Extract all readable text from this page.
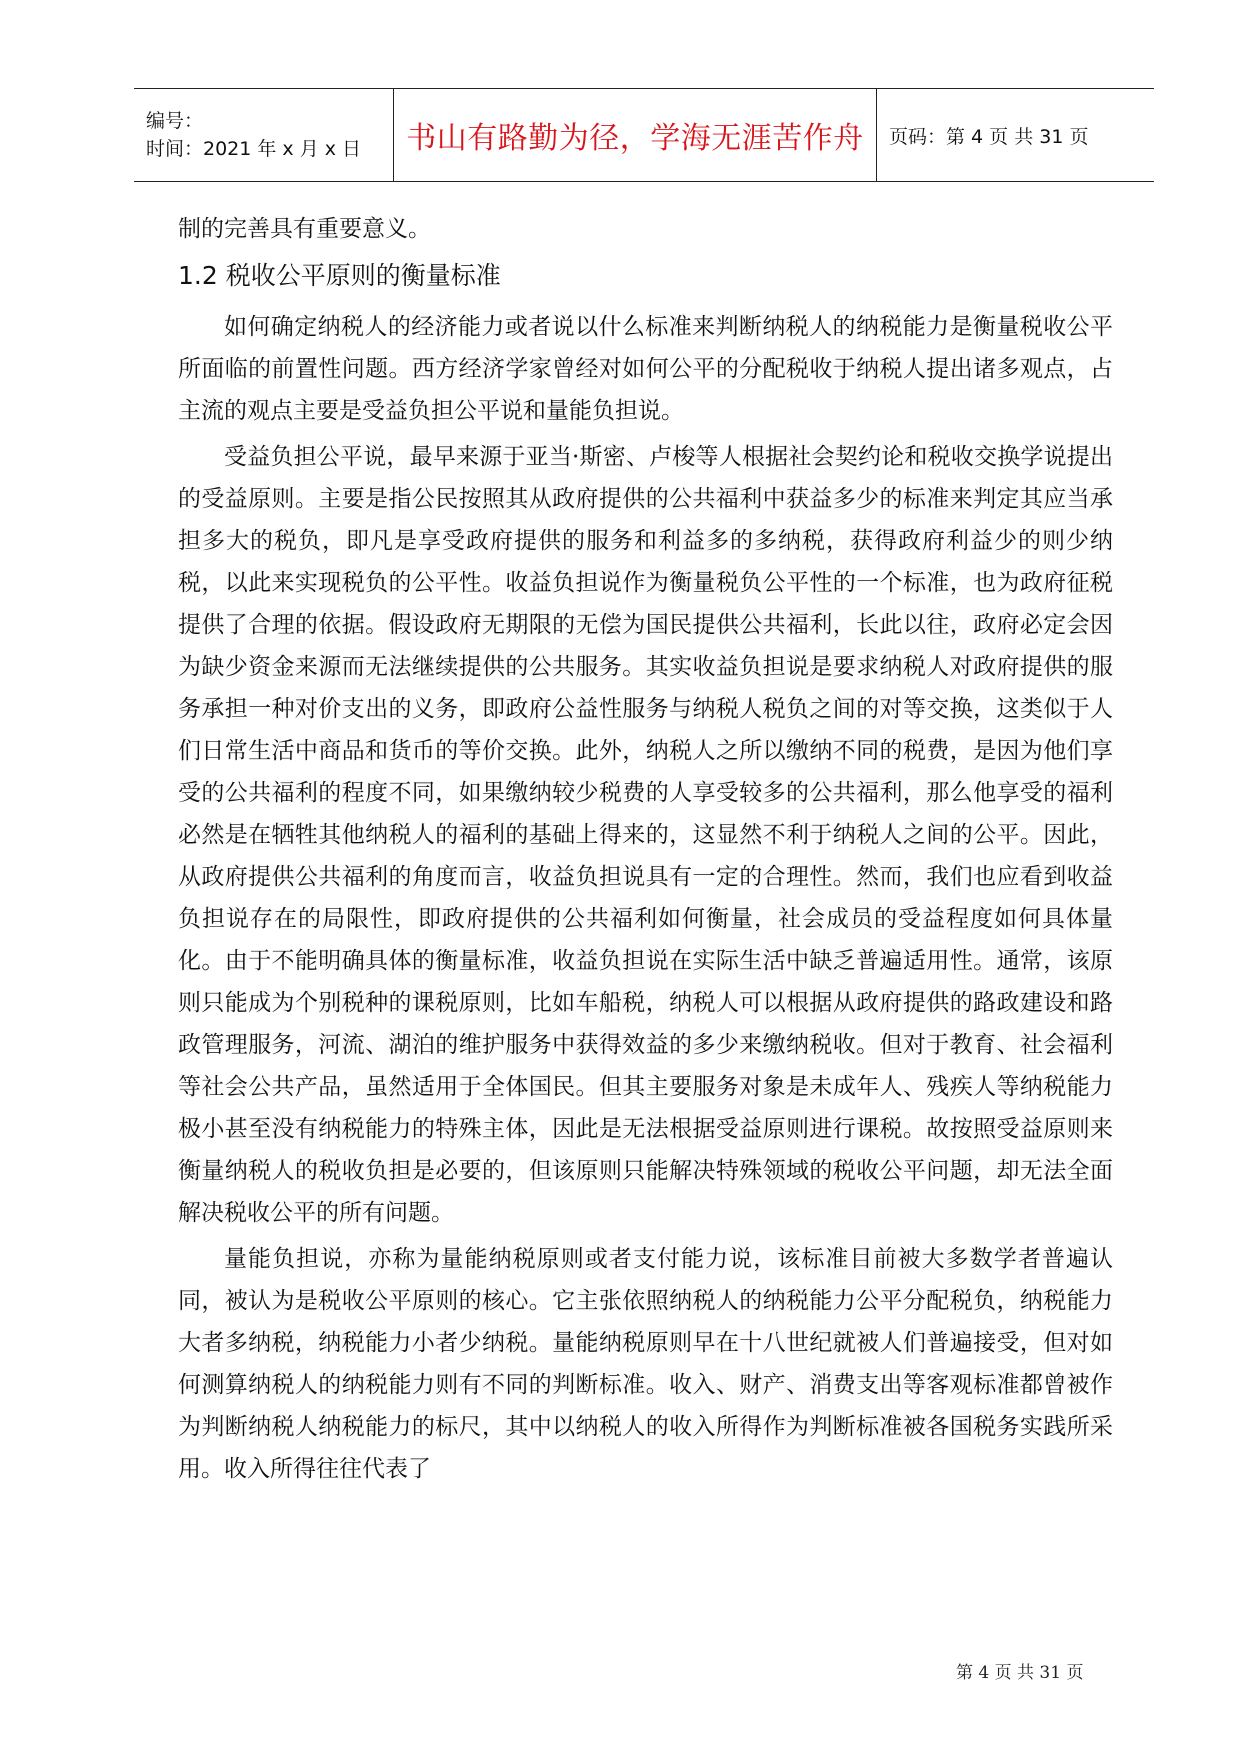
编号：
时间：2021 年 x 月 x 日	书山有路勤为径，学海无涯苦作舟 页码：第 4 页 共 31 页

制的完善具有重要意义。

1.2 税收公平原则的衡量标准

如何确定纳税人的经济能力或者说以什么标准来判断纳税人的纳税能力是衡量税收公平所面临的前置性问题。西方经济学家曾经对如何公平的分配税收于纳税人提出诸多观点，占主流的观点主要是受益负担公平说和量能负担说。

受益负担公平说，最早来源于亚当·斯密、卢梭等人根据社会契约论和税收交换学说提出的受益原则。主要是指公民按照其从政府提供的公共福利中获益多少的标准来判定其应当承担多大的税负，即凡是享受政府提供的服务和利益多的多纳税，获得政府利益少的则少纳税，以此来实现税负的公平性。收益负担说作为衡量税负公平性的一个标准，也为政府征税提供了合理的依据。假设政府无期限的无偿为国民提供公共福利，长此以往，政府必定会因为缺少资金来源而无法继续提供的公共服务。其实收益负担说是要求纳税人对政府提供的服务承担一种对价支出的义务，即政府公益性服务与纳税人税负之间的对等交换，这类似于人们日常生活中商品和货币的等价交换。此外，纳税人之所以缴纳不同的税费，是因为他们享受的公共福利的程度不同，如果缴纳较少税费的人享受较多的公共福利，那么他享受的福利必然是在牺牲其他纳税人的福利的基础上得来的，这显然不利于纳税人之间的公平。因此，从政府提供公共福利的角度而言，收益负担说具有一定的合理性。然而，我们也应看到收益负担说存在的局限性，即政府提供的公共福利如何衡量，社会成员的受益程度如何具体量化。由于不能明确具体的衡量标准，收益负担说在实际生活中缺乏普遍适用性。通常，该原则只能成为个别税种的课税原则，比如车船税，纳税人可以根据从政府提供的路政建设和路政管理服务，河流、湖泊的维护服务中获得效益的多少来缴纳税收。但对于教育、社会福利等社会公共产品，虽然适用于全体国民。但其主要服务对象是未成年人、残疾人等纳税能力极小甚至没有纳税能力的特殊主体，因此是无法根据受益原则进行课税。故按照受益原则来衡量纳税人的税收负担是必要的，但该原则只能解决特殊领域的税收公平问题，却无法全面解决税收公平的所有问题。

量能负担说，亦称为量能纳税原则或者支付能力说，该标准目前被大多数学者普遍认同，被认为是税收公平原则的核心。它主张依照纳税人的纳税能力公平分配税负，纳税能力大者多纳税，纳税能力小者少纳税。量能纳税原则早在十八世纪就被人们普遍接受，但对如何测算纳税人的纳税能力则有不同的判断标准。收入、财产、消费支出等客观标准都曾被作为判断纳税人纳税能力的标尺，其中以纳税人的收入所得作为判断标准被各国税务实践所采用。收入所得往往代表了

第 4 页 共 31 页
